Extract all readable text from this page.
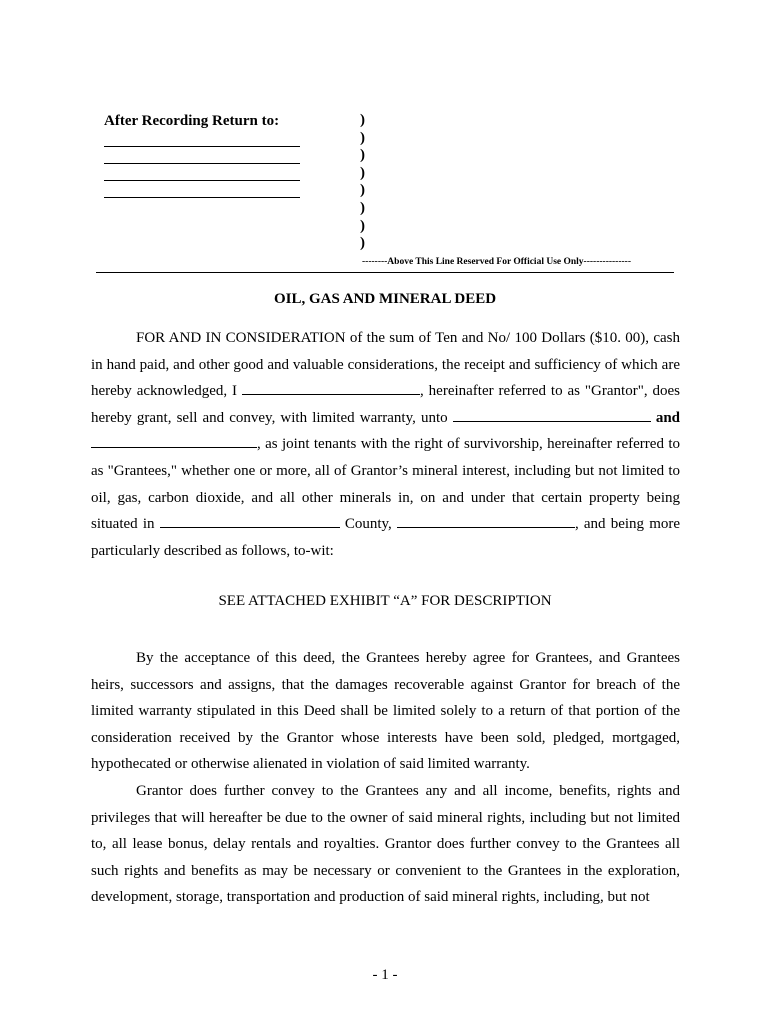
After Recording Return to:	)
)
)
)
)
)
)
)
--------Above This Line Reserved For Official Use Only---------------
OIL, GAS AND MINERAL DEED
FOR AND IN CONSIDERATION of the sum of Ten and No/ 100 Dollars ($10. 00), cash in hand paid, and other good and valuable considerations, the receipt and sufficiency of which are hereby acknowledged, I	, hereinafter referred to as "Grantor", does hereby grant, sell and convey, with limited warranty, unto	and , as joint tenants with the right of survivorship, hereinafter referred to as "Grantees," whether one or more, all of Grantor’s mineral interest, including but not limited to oil, gas, carbon dioxide, and all other minerals in, on and under that certain property being situated in	County,	, and being more particularly described as follows, to-wit:
SEE ATTACHED EXHIBIT “A” FOR DESCRIPTION
By the acceptance of this deed, the Grantees hereby agree for Grantees, and Grantees heirs, successors and assigns, that the damages recoverable against Grantor for breach of the limited warranty stipulated in this Deed shall be limited solely to a return of that portion of the consideration received by the Grantor whose interests have been sold, pledged, mortgaged, hypothecated or otherwise alienated in violation of said limited warranty.
Grantor does further convey to the Grantees any and all income, benefits, rights and privileges that will hereafter be due to the owner of said mineral rights, including but not limited to, all lease bonus, delay rentals and royalties. Grantor does further convey to the Grantees all such rights and benefits as may be necessary or convenient to the Grantees in the exploration, development, storage, transportation and production of said mineral rights, including, but not
- 1 -
